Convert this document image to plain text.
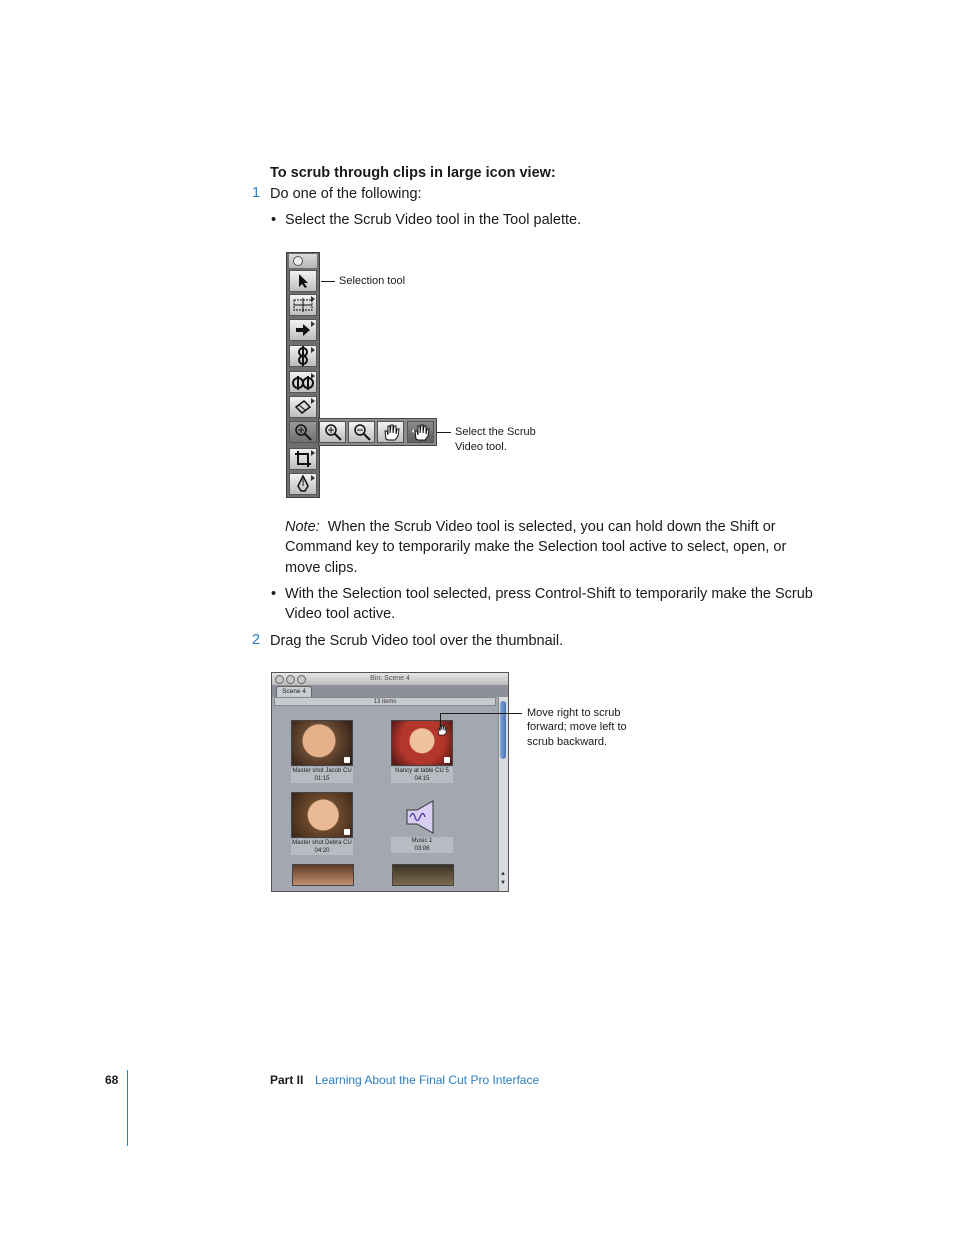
To scrub through clips in large icon view:
1 Do one of the following:
• Select the Scrub Video tool in the Tool palette.
Selection tool
Select the Scrub
Video tool.
Note: When the Scrub Video tool is selected, you can hold down the Shift or
Command key to temporarily make the Selection tool active to select, open, or
move clips.
• With the Selection tool selected, press Control-Shift to temporarily make the Scrub
Video tool active.
2 Drag the Scrub Video tool over the thumbnail.
Bin: Scene 4
Scene 4
13 items
Master shot Jacob CU
01:15
Nancy at table CU 5
04:15
Master shot Debra CU
04:20
Music 1
03:06
▲
▼
Move right to scrub
forward; move left to
scrub backward.
68	Part II Learning About the Final Cut Pro Interface
